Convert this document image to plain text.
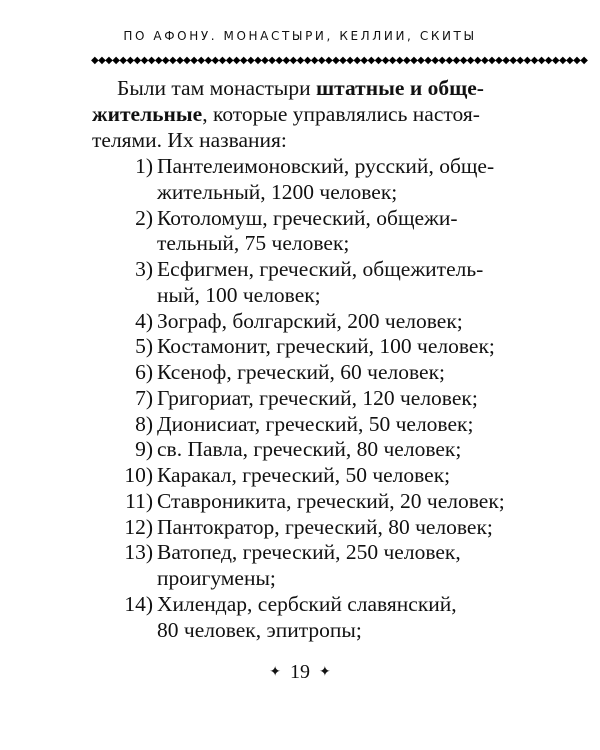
ПО АФОНУ. МОНАСТЫРИ, КЕЛЛИИ, СКИТЫ
◆◆◆◆◆◆◆◆◆◆◆◆◆◆◆◆◆◆◆◆◆◆◆◆◆◆◆◆◆◆◆◆◆◆◆◆◆◆◆◆◆◆◆◆◆◆◆◆◆◆◆◆◆◆◆◆◆◆◆◆◆◆◆◆◆◆◆◆◆◆
Были там монастыри штатные и обще-
жительные, которые управлялись настоя-
телями. Их названия:
1) Пантелеимоновский, русский, обще-
жительный, 1200 человек;
2) Котоломуш, греческий, общежи-
тельный, 75 человек;
3) Есфигмен, греческий, общежитель-
ный, 100 человек;
4) Зограф, болгарский, 200 человек;
5) Костамонит, греческий, 100 человек;
6) Ксеноф, греческий, 60 человек;
7) Григориат, греческий, 120 человек;
8) Дионисиат, греческий, 50 человек;
9) св. Павла, греческий, 80 человек;
10) Каракал, греческий, 50 человек;
11) Ставроникита, греческий, 20 человек;
12) Пантократор, греческий, 80 человек;
13) Ватопед, греческий, 250 человек,
проигумены;
14) Хилендар, сербский славянский,
80 человек, эпитропы;
✦ 19 ✦
